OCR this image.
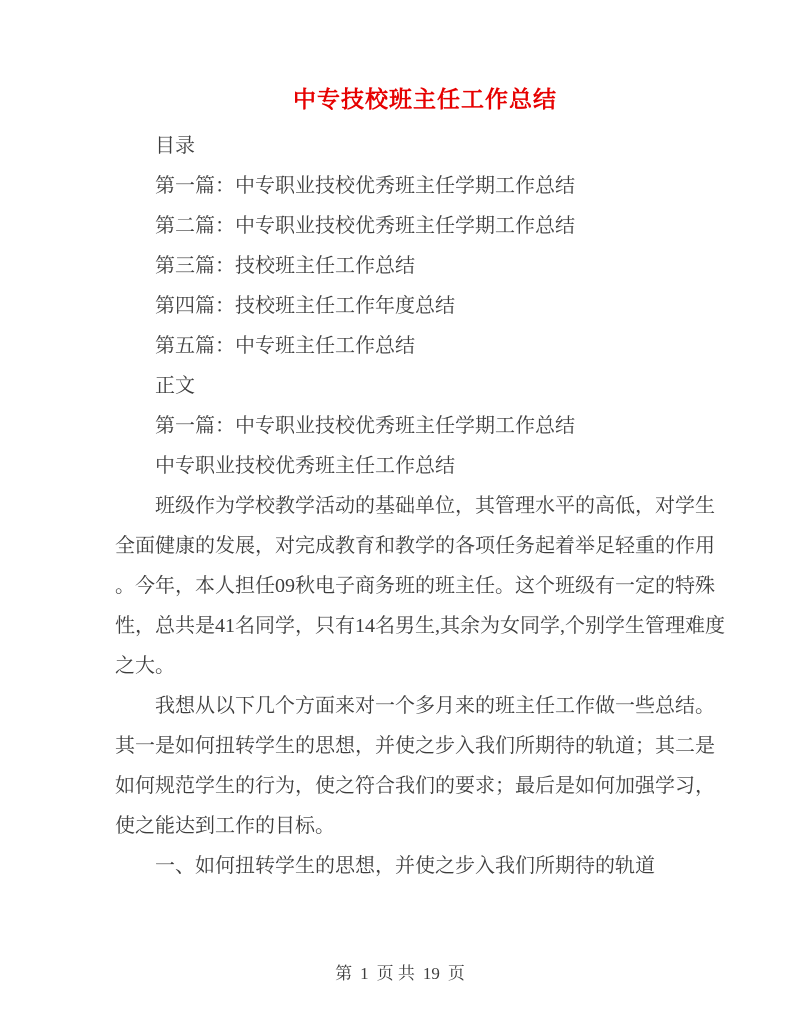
中专技校班主任工作总结
目录
第一篇：中专职业技校优秀班主任学期工作总结
第二篇：中专职业技校优秀班主任学期工作总结
第三篇：技校班主任工作总结
第四篇：技校班主任工作年度总结
第五篇：中专班主任工作总结
正文
第一篇：中专职业技校优秀班主任学期工作总结
中专职业技校优秀班主任工作总结
班级作为学校教学活动的基础单位，其管理水平的高低，对学生
全面健康的发展，对完成教育和教学的各项任务起着举足轻重的作用
。今年，本人担任09秋电子商务班的班主任。这个班级有一定的特殊
性，总共是41名同学，只有14名男生,其余为女同学,个别学生管理难度
之大。
我想从以下几个方面来对一个多月来的班主任工作做一些总结。
其一是如何扭转学生的思想，并使之步入我们所期待的轨道；其二是
如何规范学生的行为，使之符合我们的要求；最后是如何加强学习，
使之能达到工作的目标。
一、如何扭转学生的思想，并使之步入我们所期待的轨道
第 1 页 共 19 页
